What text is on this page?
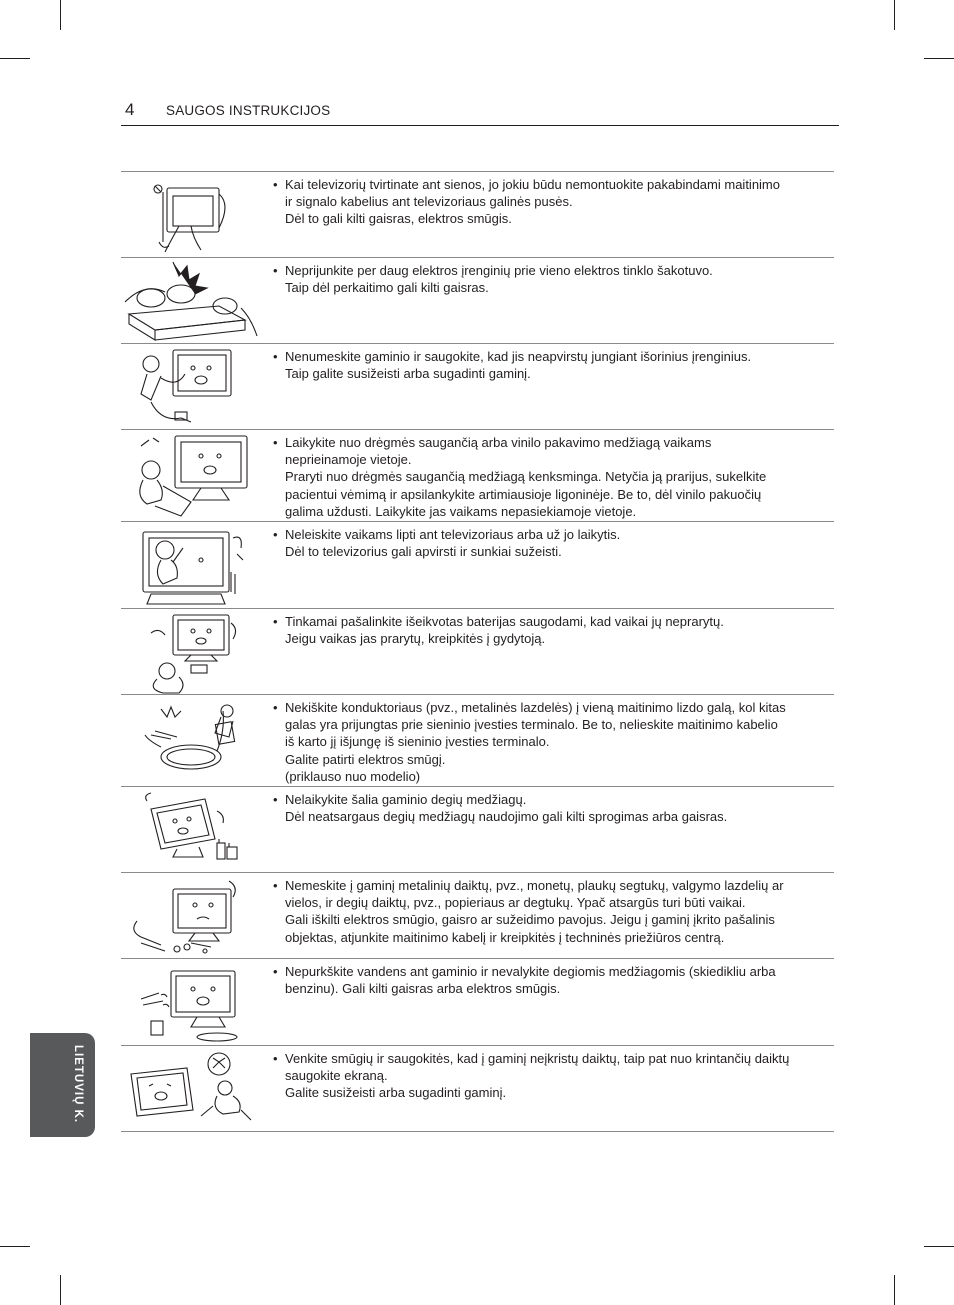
4 SAUGOS INSTRUKCIJOS
• Kai televizorių tvirtinate ant sienos, jo jokiu būdu nemontuokite pakabindami maitinimo
ir signalo kabelius ant televizoriaus galinės pusės.
Dėl to gali kilti gaisras, elektros smūgis.
• Neprijunkite per daug elektros įrenginių prie vieno elektros tinklo šakotuvo.
Taip dėl perkaitimo gali kilti gaisras.
• Nenumeskite gaminio ir saugokite, kad jis neapvirstų jungiant išorinius įrenginius.
Taip galite susižeisti arba sugadinti gaminį.
• Laikykite nuo drėgmės saugančią arba vinilo pakavimo medžiagą vaikams
neprieinamoje vietoje.
Praryti nuo drėgmės saugančią medžiagą kenksminga. Netyčia ją prarijus, sukelkite
pacientui vėmimą ir apsilankykite artimiausioje ligoninėje. Be to, dėl vinilo pakuočių
galima uždusti. Laikykite jas vaikams nepasiekiamoje vietoje.
• Neleiskite vaikams lipti ant televizoriaus arba už jo laikytis.
Dėl to televizorius gali apvirsti ir sunkiai sužeisti.
• Tinkamai pašalinkite išeikvotas baterijas saugodami, kad vaikai jų neprarytų.
Jeigu vaikas jas prarytų, kreipkitės į gydytoją.
• Nekiškite konduktoriaus (pvz., metalinės lazdelės) į vieną maitinimo lizdo galą, kol kitas
galas yra prijungtas prie sieninio įvesties terminalo. Be to, nelieskite maitinimo kabelio
iš karto jį išjungę iš sieninio įvesties terminalo.
Galite patirti elektros smūgį.
(priklauso nuo modelio)
• Nelaikykite šalia gaminio degių medžiagų.
Dėl neatsargaus degių medžiagų naudojimo gali kilti sprogimas arba gaisras.
• Nemeskite į gaminį metalinių daiktų, pvz., monetų, plaukų segtukų, valgymo lazdelių ar
vielos, ir degių daiktų, pvz., popieriaus ar degtukų. Ypač atsargūs turi būti vaikai.
Gali iškilti elektros smūgio, gaisro ar sužeidimo pavojus. Jeigu į gaminį įkrito pašalinis
objektas, atjunkite maitinimo kabelį ir kreipkitės į techninės priežiūros centrą.
• Nepurkškite vandens ant gaminio ir nevalykite degiomis medžiagomis (skiedikliu arba
benzinu). Gali kilti gaisras arba elektros smūgis.
• Venkite smūgių ir saugokitės, kad į gaminį neįkristų daiktų, taip pat nuo krintančių daiktų
saugokite ekraną.
Galite susižeisti arba sugadinti gaminį.
LIETUVIŲ K.
